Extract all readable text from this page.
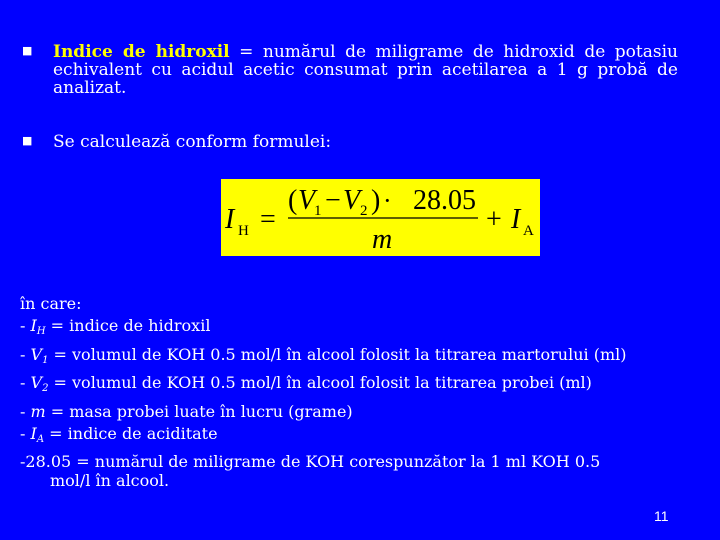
■ Indice de hidroxil = numărul de miligrame de hidroxid de potasiu echivalent cu acidul acetic consumat prin acetilarea a 1 g probă de analizat.
■ Se calculează conform formulei:
I H =
( V
1 − V 2 ) · 28.05
m
+ I A
în care:
- $I_H$ = indice de hidroxil
- $V_1$ = volumul de KOH 0.5 mol/l în alcool folosit la titrarea martorului (ml)
- $V_2$ = volumul de KOH 0.5 mol/l în alcool folosit la titrarea probei (ml)
- m = masa probei luate în lucru (grame)
- $I_A$ = indice de aciditate
-28.05 = numărul de miligrame de KOH corespunzător la 1 ml KOH 0.5
mol/l în alcool.
11
